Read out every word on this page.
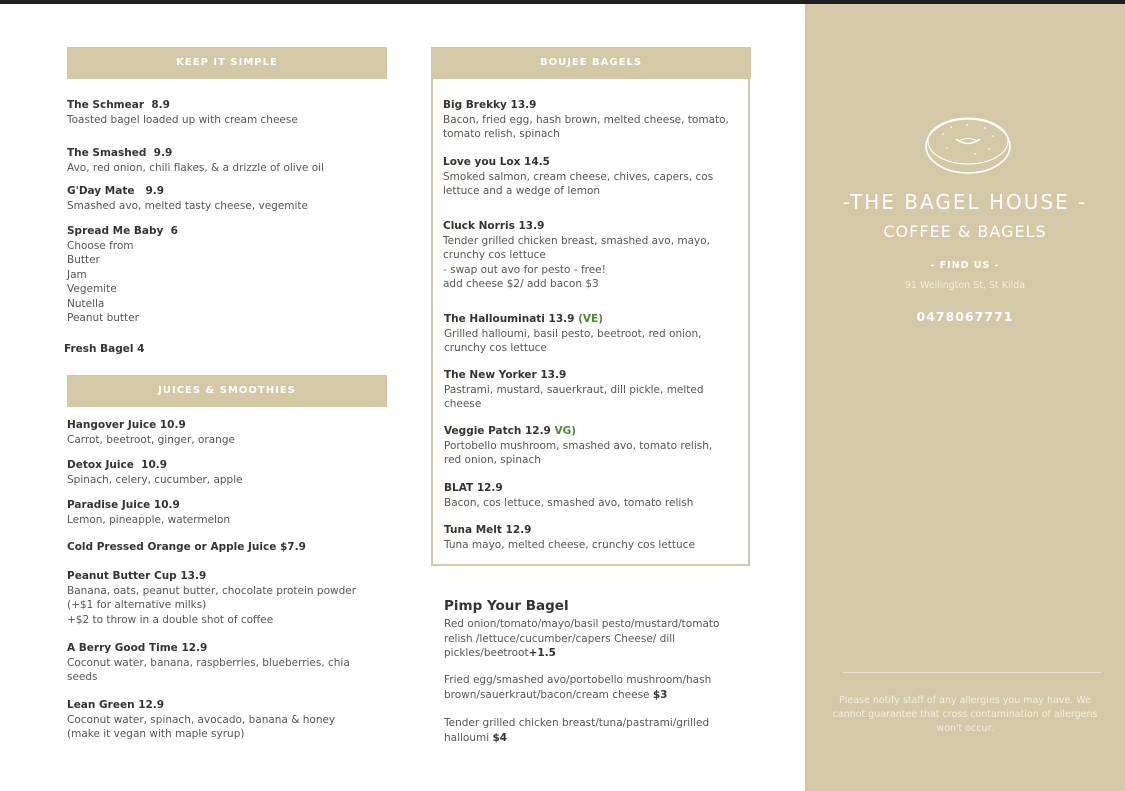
KEEP IT SIMPLE
The Schmear  8.9
Toasted bagel loaded up with cream cheese
The Smashed  9.9
Avo, red onion, chili flakes, & a drizzle of olive oil
G'Day Mate   9.9
Smashed avo, melted tasty cheese, vegemite
Spread Me Baby  6
Choose from
Butter
Jam
Vegemite
Nutella
Peanut butter
Fresh Bagel 4
JUICES & SMOOTHIES
Hangover Juice 10.9
Carrot, beetroot, ginger, orange
Detox Juice  10.9
Spinach, celery, cucumber, apple
Paradise Juice 10.9
Lemon, pineapple, watermelon
Cold Pressed Orange or Apple Juice $7.9
Peanut Butter Cup 13.9
Banana, oats, peanut butter, chocolate protein powder
(+$1 for alternative milks)
+$2 to throw in a double shot of coffee
A Berry Good Time 12.9
Coconut water, banana, raspberries, blueberries, chia
seeds
Lean Green 12.9
Coconut water, spinach, avocado, banana & honey
(make it vegan with maple syrup)
BOUJEE BAGELS
Big Brekky 13.9
Bacon, fried egg, hash brown, melted cheese, tomato,
tomato relish, spinach
Love you Lox 14.5
Smoked salmon, cream cheese, chives, capers, cos
lettuce and a wedge of lemon
Cluck Norris 13.9
Tender grilled chicken breast, smashed avo, mayo,
crunchy cos lettuce
- swap out avo for pesto - free!
add cheese $2/ add bacon $3
The Hallouminati 13.9 (VE)
Grilled halloumi, basil pesto, beetroot, red onion,
crunchy cos lettuce
The New Yorker 13.9
Pastrami, mustard, sauerkraut, dill pickle, melted
cheese
Veggie Patch 12.9 VG)
Portobello mushroom, smashed avo, tomato relish,
red onion, spinach
BLAT 12.9
Bacon, cos lettuce, smashed avo, tomato relish
Tuna Melt 12.9
Tuna mayo, melted cheese, crunchy cos lettuce
Pimp Your Bagel
Red onion/tomato/mayo/basil pesto/mustard/tomato
relish /lettuce/cucumber/capers Cheese/ dill
pickles/beetroot+1.5
Fried egg/smashed avo/portobello mushroom/hash
brown/sauerkraut/bacon/cream cheese $3
Tender grilled chicken breast/tuna/pastrami/grilled
halloumi $4
-THE BAGEL HOUSE -
COFFEE & BAGELS
- FIND US -
91 Wellington St, St Kilda
0478067771
Please notify staff of any allergies you may have. We cannot guarantee that cross contamination of allergens won't occur.
